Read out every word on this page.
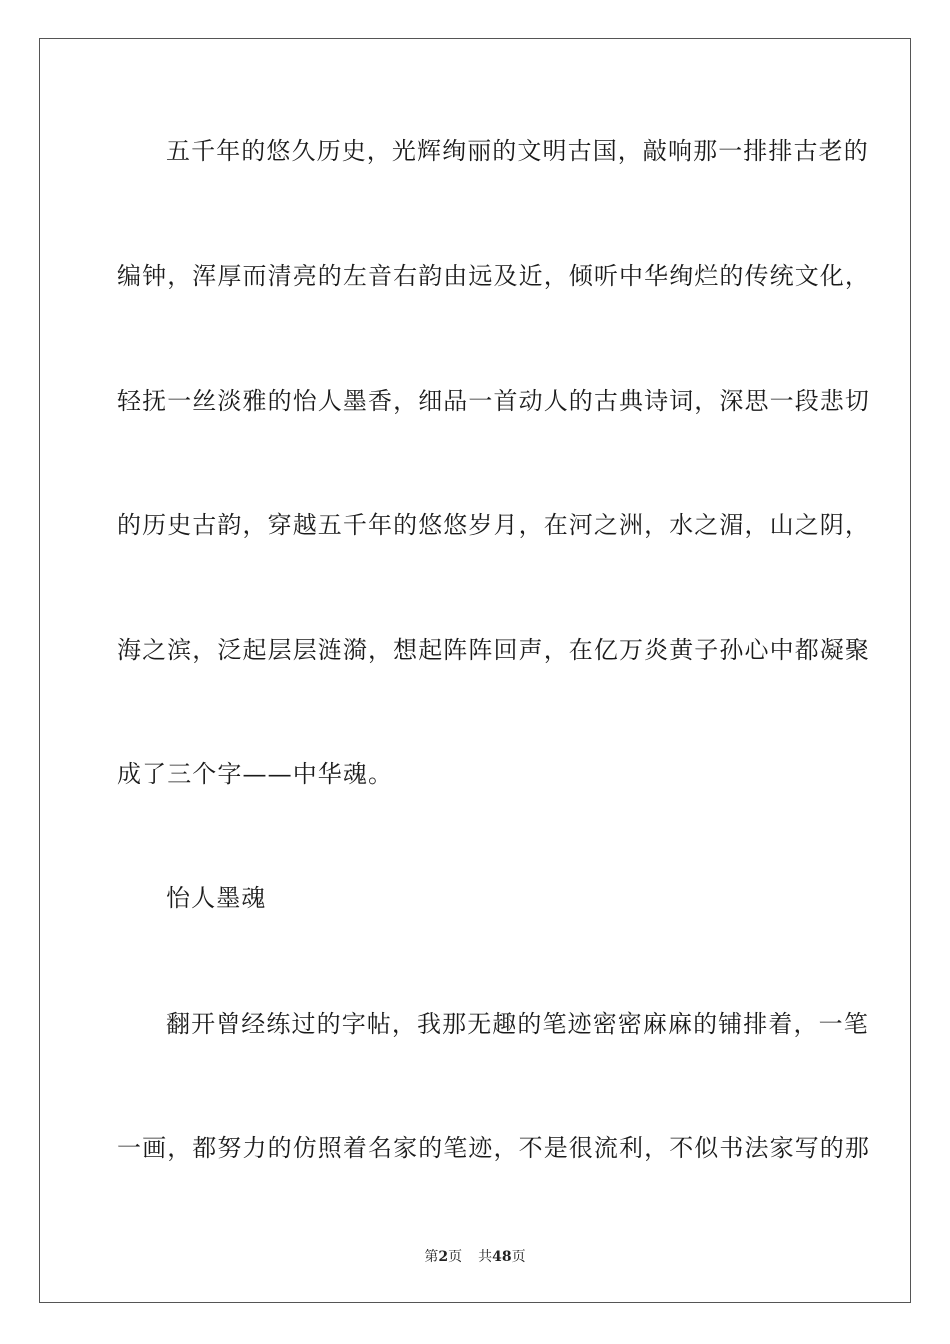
五千年的悠久历史，光辉绚丽的文明古国，敲响那一排排古老的
编钟，浑厚而清亮的左音右韵由远及近，倾听中华绚烂的传统文化，
轻抚一丝淡雅的怡人墨香，细品一首动人的古典诗词，深思一段悲切
的历史古韵，穿越五千年的悠悠岁月，在河之洲，水之湄，山之阴，
海之滨，泛起层层涟漪，想起阵阵回声，在亿万炎黄子孙心中都凝聚
成了三个字——中华魂。
怡人墨魂
翻开曾经练过的字帖，我那无趣的笔迹密密麻麻的铺排着，一笔
一画，都努力的仿照着名家的笔迹，不是很流利，不似书法家写的那
第2页 共48页
